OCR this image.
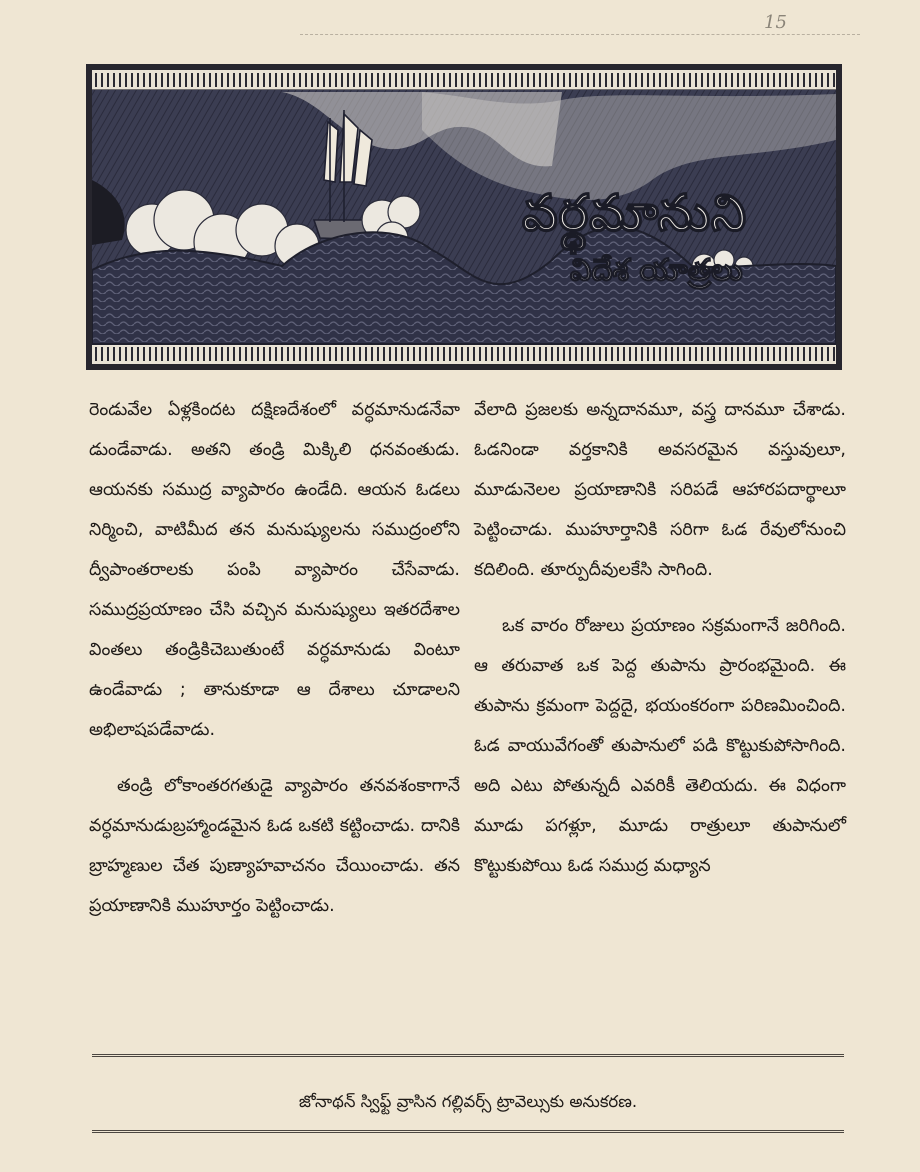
15
వర్ధమానుని
విదేశ యాత్రలు

రెండువేల ఏళ్లకిందట దక్షిణదేశంలో వర్ధమానుడనేవా డుండేవాడు. అతని తండ్రి మిక్కిలి ధనవంతుడు. ఆయనకు సముద్ర వ్యాపారం ఉండేది. ఆయన ఓడలు నిర్మించి, వాటిమీద తన మనుష్యులను సముద్రంలోని ద్వీపాంతరాలకు పంపి వ్యాపారం చేసేవాడు. సముద్రప్రయాణం చేసి వచ్చిన మనుష్యులు ఇతరదేశాల వింతలు తండ్రికిచెబుతుంటే వర్ధమానుడు వింటూ ఉండేవాడు ; తానుకూడా ఆ దేశాలు చూడాలని అభిలాషపడేవాడు.

తండ్రి లోకాంతరగతుడై వ్యాపారం తనవశంకాగానే వర్ధమానుడుబ్రహ్మాండమైన ఓడ ఒకటి కట్టించాడు. దానికి బ్రాహ్మణుల చేత పుణ్యాహవాచనం చేయించాడు. తన ప్రయాణానికి ముహూర్తం పెట్టించాడు.

వేలాది ప్రజలకు అన్నదానమూ, వస్త్ర దానమూ చేశాడు. ఓడనిండా వర్తకానికి అవసరమైన వస్తువులూ, మూడునెలల ప్రయాణానికి సరిపడే ఆహారపదార్థాలూ పెట్టించాడు. ముహూర్తానికి సరిగా ఓడ రేవులోనుంచి కదిలింది. తూర్పుదీవులకేసి సాగింది.

ఒక వారం రోజులు ప్రయాణం సక్రమంగానే జరిగింది. ఆ తరువాత ఒక పెద్ద తుపాను ప్రారంభమైంది. ఈ తుపాను క్రమంగా పెద్దదై, భయంకరంగా పరిణమించింది. ఓడ వాయువేగంతో తుపానులో పడి కొట్టుకుపోసాగింది. అది ఎటు పోతున్నదీ ఎవరికీ తెలియదు. ఈ విధంగా మూడు పగళ్లూ, మూడు రాత్రులూ తుపానులో కొట్టుకుపోయి ఓడ సముద్ర మధ్యాన

జోనాథన్ స్విఫ్ట్ వ్రాసిన గల్లివర్స్ ట్రావెల్సుకు అనుకరణ.
